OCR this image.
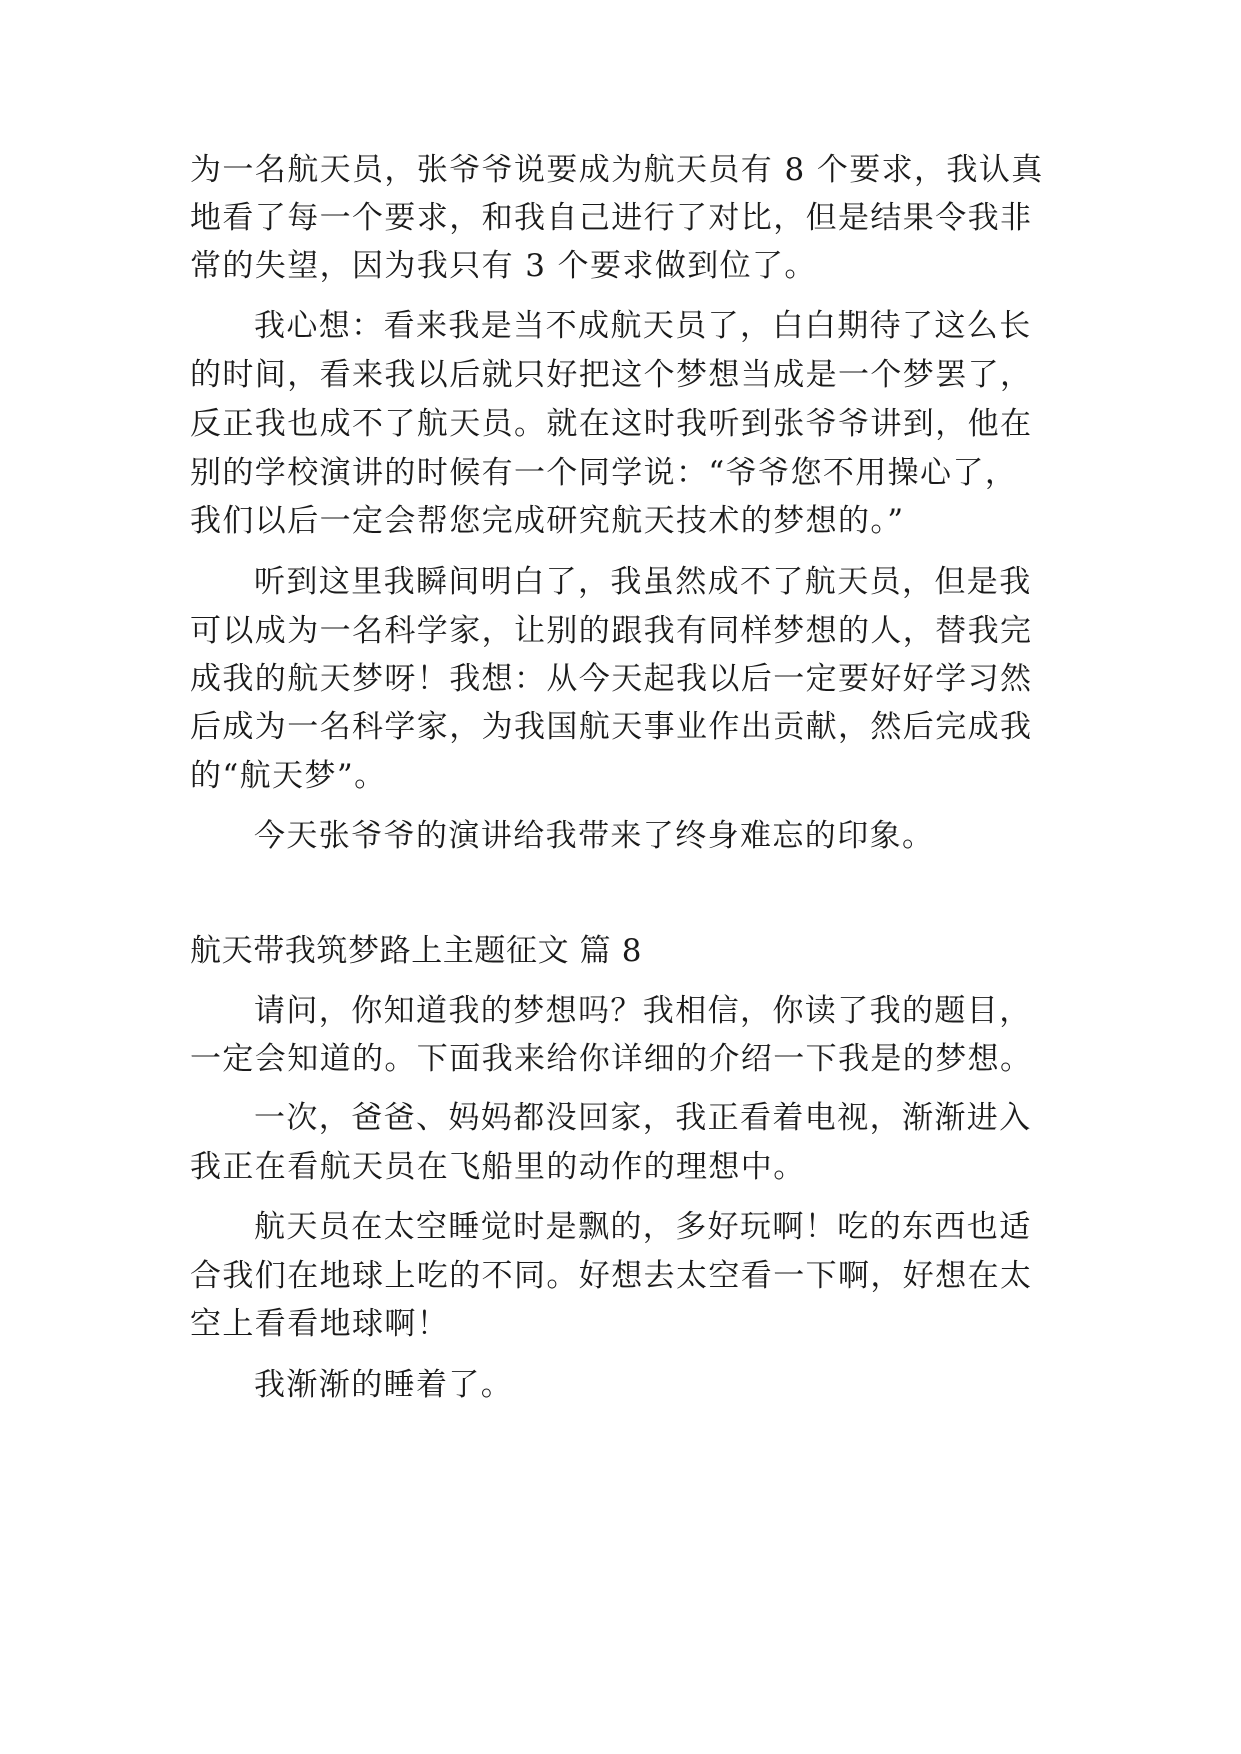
为一名航天员，张爷爷说要成为航天员有 8 个要求，我认真
地看了每一个要求，和我自己进行了对比，但是结果令我非
常的失望，因为我只有 3 个要求做到位了。
我心想：看来我是当不成航天员了，白白期待了这么长
的时间，看来我以后就只好把这个梦想当成是一个梦罢了，
反正我也成不了航天员。就在这时我听到张爷爷讲到，他在
别的学校演讲的时候有一个同学说：“爷爷您不用操心了，
我们以后一定会帮您完成研究航天技术的梦想的。”
听到这里我瞬间明白了，我虽然成不了航天员，但是我
可以成为一名科学家，让别的跟我有同样梦想的人，替我完
成我的航天梦呀！我想：从今天起我以后一定要好好学习然
后成为一名科学家，为我国航天事业作出贡献，然后完成我
的“航天梦”。
今天张爷爷的演讲给我带来了终身难忘的印象。
航天带我筑梦路上主题征文 篇 8
请问，你知道我的梦想吗？我相信，你读了我的题目，
一定会知道的。下面我来给你详细的介绍一下我是的梦想。
一次，爸爸、妈妈都没回家，我正看着电视，渐渐进入
我正在看航天员在飞船里的动作的理想中。
航天员在太空睡觉时是飘的，多好玩啊！吃的东西也适
合我们在地球上吃的不同。好想去太空看一下啊，好想在太
空上看看地球啊！
我渐渐的睡着了。
